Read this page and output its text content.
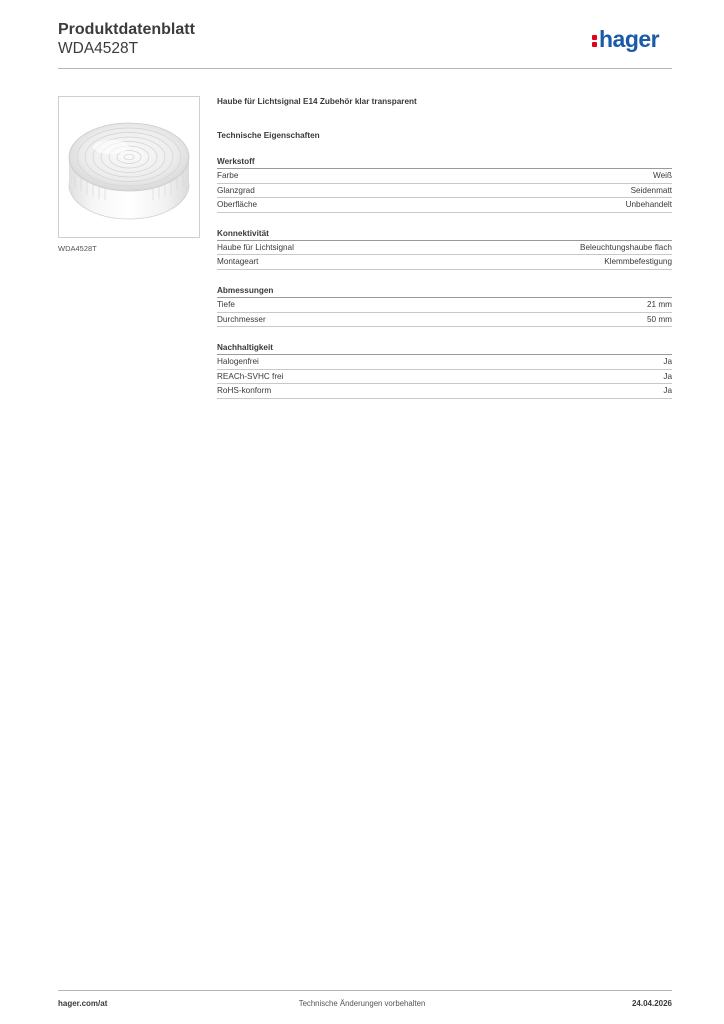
Produktdatenblatt
WDA4528T	hager
WDA4528T

Haube für Lichtsignal E14 Zubehör klar transparent

Technische Eigenschaften

Werkstoff
Farbe	Weiß
Glanzgrad	Seidenmatt
Oberfläche	Unbehandelt
Konnektivität
Haube für Lichtsignal	Beleuchtungshaube flach
Montageart	Klemmbefestigung
Abmessungen
Tiefe	21 mm
Durchmesser	50 mm
Nachhaltigkeit
Halogenfrei	Ja
REACh-SVHC frei	Ja
RoHS-konform	Ja
hager.com/at	Technische Änderungen vorbehalten	24.04.2026
